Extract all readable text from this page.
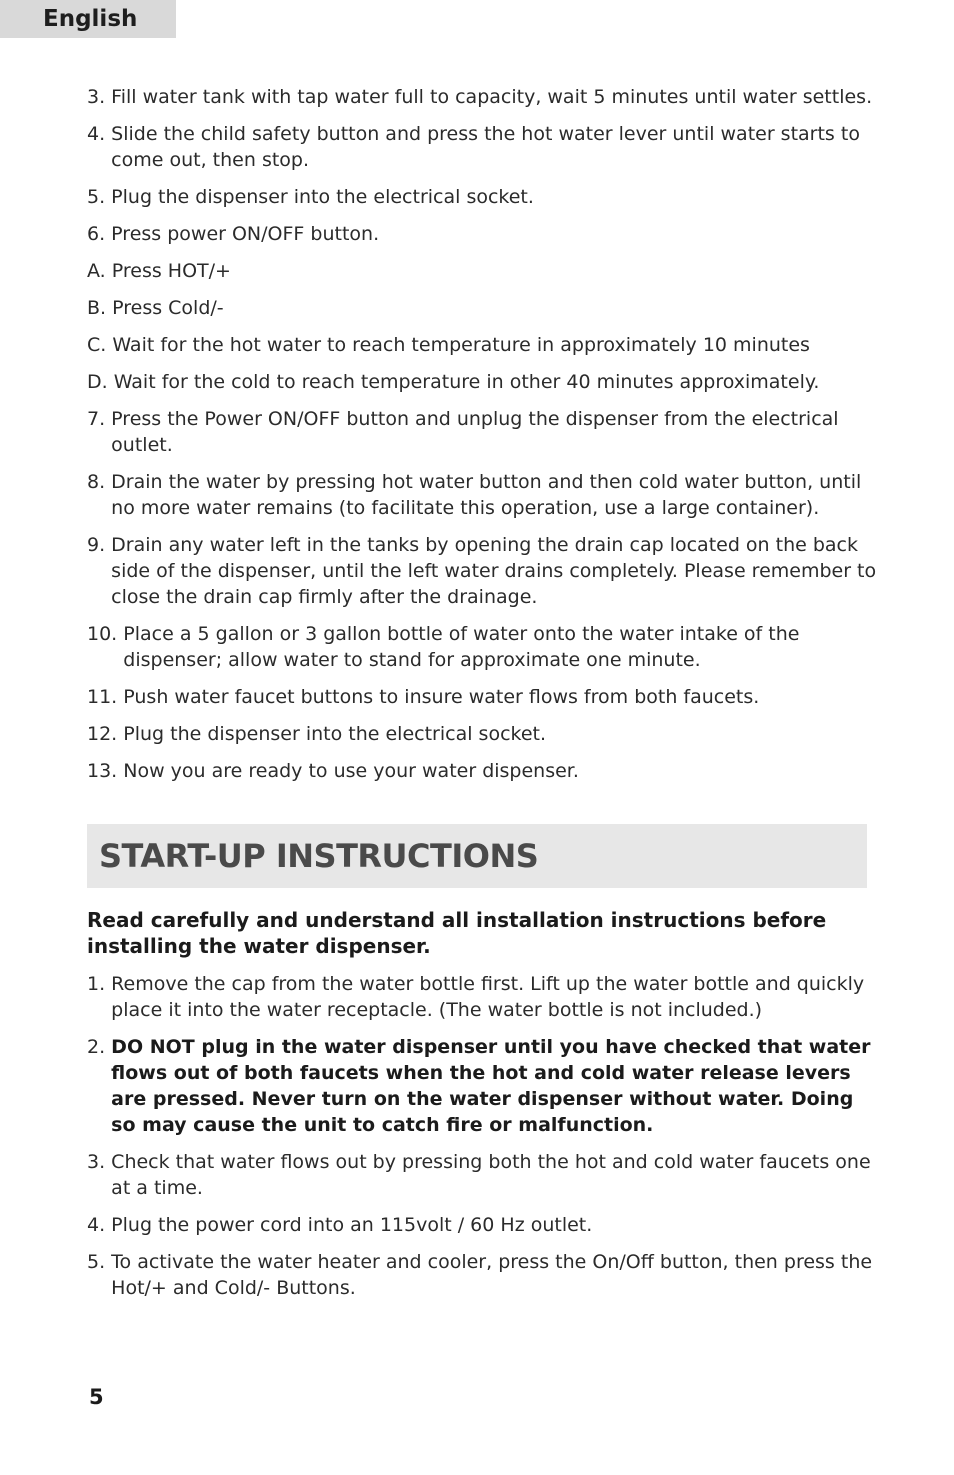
English
3. Fill water tank with tap water full to capacity, wait 5 minutes until water settles.
4. Slide the child safety button and press the hot water lever until water starts to come out, then stop.
5. Plug the dispenser into the electrical socket.
6. Press power ON/OFF button.
A. Press HOT/+
B. Press Cold/-
C. Wait for the hot water to reach temperature in approximately 10 minutes
D. Wait for the cold to reach temperature in other 40 minutes approximately.
7. Press the Power ON/OFF button and unplug the dispenser from the electrical outlet.
8. Drain the water by pressing hot water button and then cold water button, until no more water remains (to facilitate this operation, use a large container).
9. Drain any water left in the tanks by opening the drain cap located on the back side of the dispenser, until the left water drains completely. Please remember to close the drain cap firmly after the drainage.
10. Place a 5 gallon or 3 gallon bottle of water onto the water intake of the dispenser; allow water to stand for approximate one minute.
11. Push water faucet buttons to insure water flows from both faucets.
12. Plug the dispenser into the electrical socket.
13. Now you are ready to use your water dispenser.
START-UP INSTRUCTIONS
Read carefully and understand all installation instructions before installing the water dispenser.
1. Remove the cap from the water bottle first. Lift up the water bottle and quickly place it into the water receptacle. (The water bottle is not included.)
2. DO NOT plug in the water dispenser until you have checked that water flows out of both faucets when the hot and cold water release levers are pressed. Never turn on the water dispenser without water. Doing so may cause the unit to catch fire or malfunction.
3. Check that water flows out by pressing both the hot and cold water faucets one at a time.
4. Plug the power cord into an 115volt / 60 Hz outlet.
5. To activate the water heater and cooler, press the On/Off button, then press the Hot/+ and Cold/- Buttons.
5
